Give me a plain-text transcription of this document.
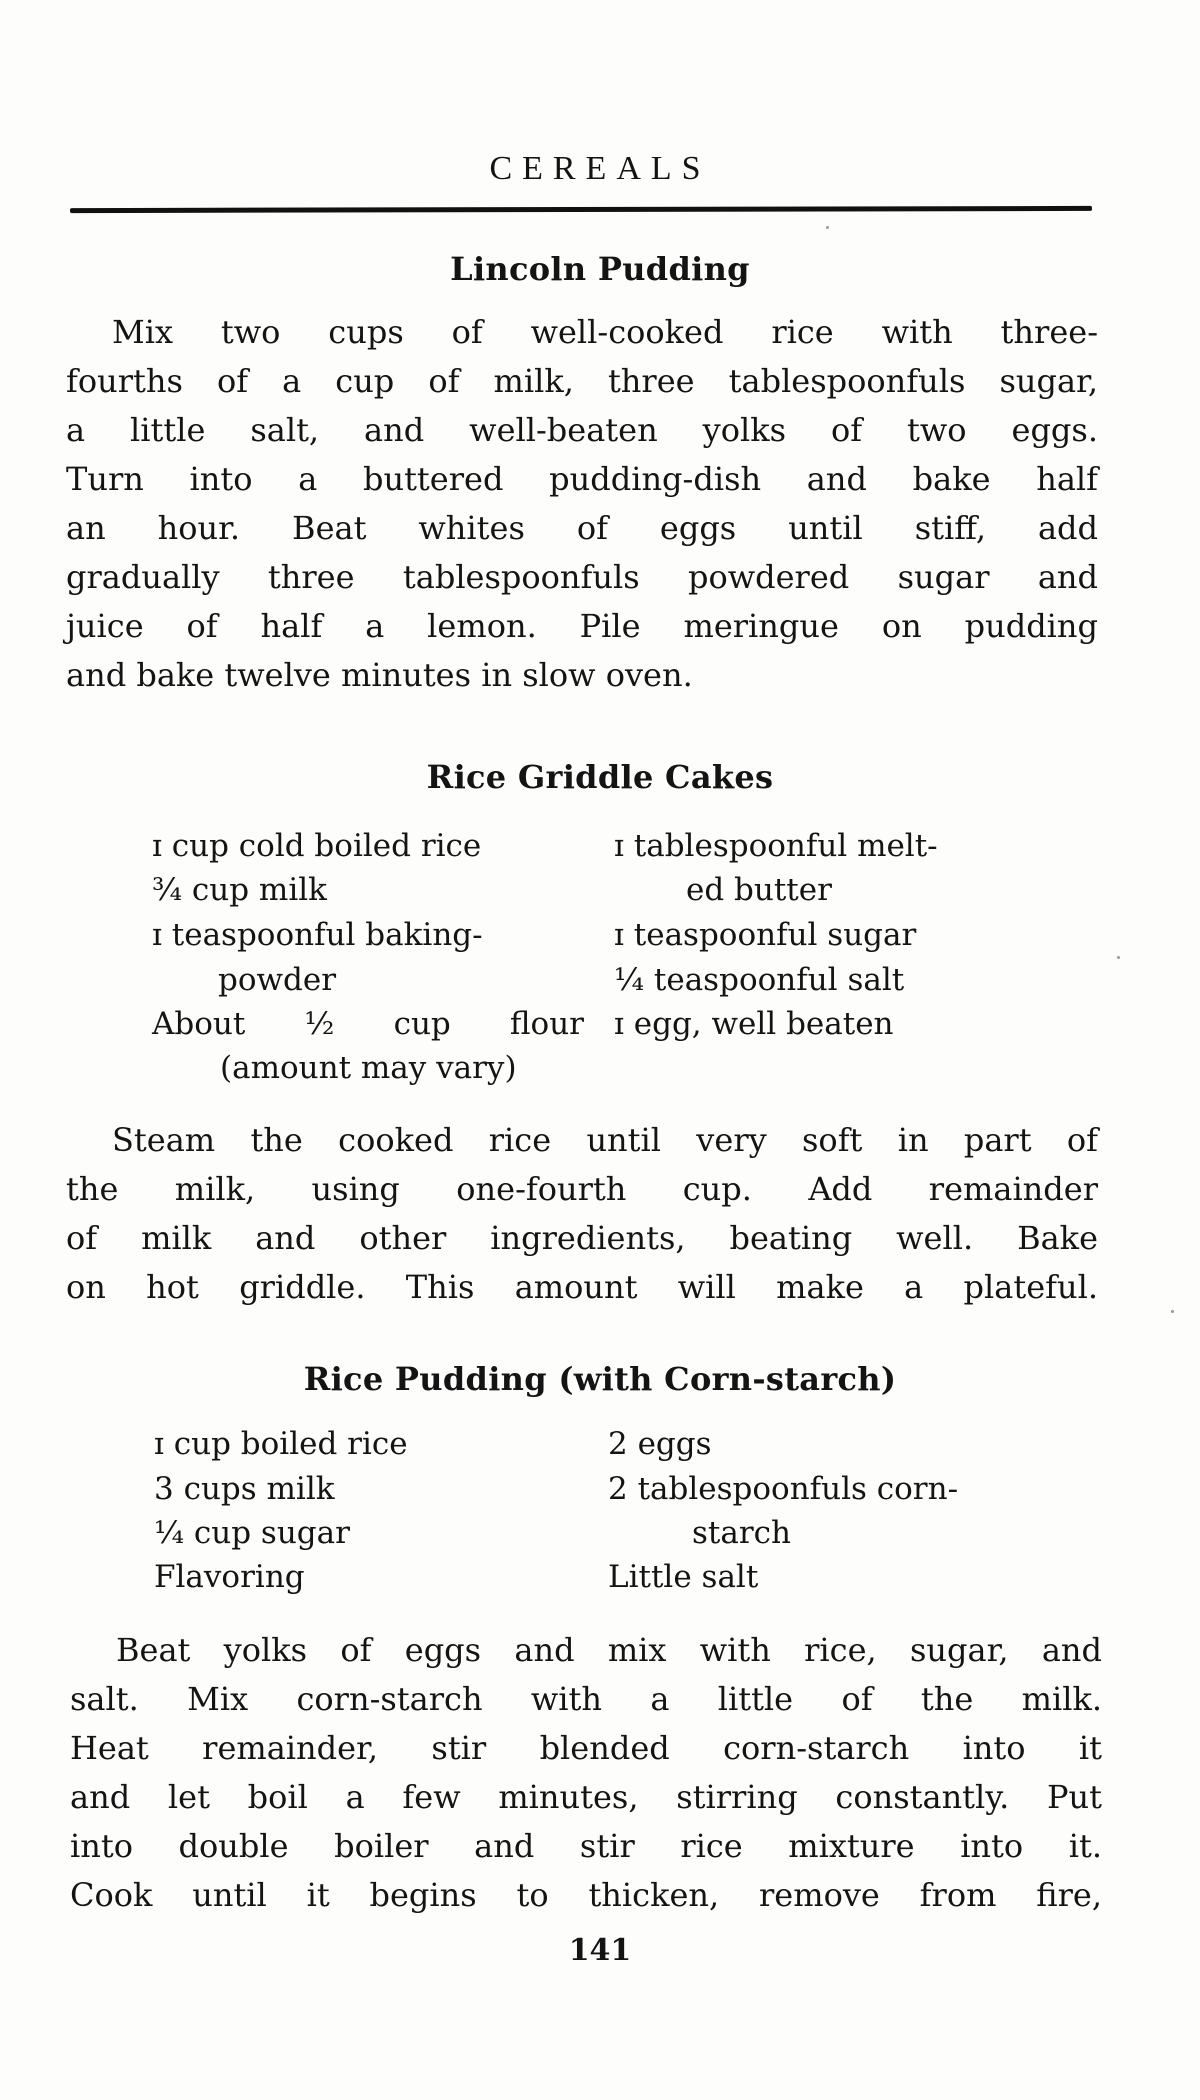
CEREALS
Lincoln Pudding
Mix two cups of well-cooked rice with three-
fourths of a cup of milk, three tablespoonfuls sugar,
a little salt, and well-beaten yolks of two eggs.
Turn into a buttered pudding-dish and bake half
an hour. Beat whites of eggs until stiff, add
gradually three tablespoonfuls powdered sugar and
juice of half a lemon. Pile meringue on pudding
and bake twelve minutes in slow oven.
Rice Griddle Cakes
ɪ cup cold boiled rice
¾ cup milk
ɪ teaspoonful baking-
powder
About ½ cup flour
(amount may vary)
ɪ tablespoonful melt-
ed butter
ɪ teaspoonful sugar
¼ teaspoonful salt
ɪ egg, well beaten
Steam the cooked rice until very soft in part of
the milk, using one-fourth cup. Add remainder
of milk and other ingredients, beating well. Bake
on hot griddle. This amount will make a plateful.
Rice Pudding (with Corn-starch)
ɪ cup boiled rice
3 cups milk
¼ cup sugar
Flavoring
2 eggs
2 tablespoonfuls corn-
starch
Little salt
Beat yolks of eggs and mix with rice, sugar, and
salt. Mix corn-starch with a little of the milk.
Heat remainder, stir blended corn-starch into it
and let boil a few minutes, stirring constantly. Put
into double boiler and stir rice mixture into it.
Cook until it begins to thicken, remove from fire,
141
